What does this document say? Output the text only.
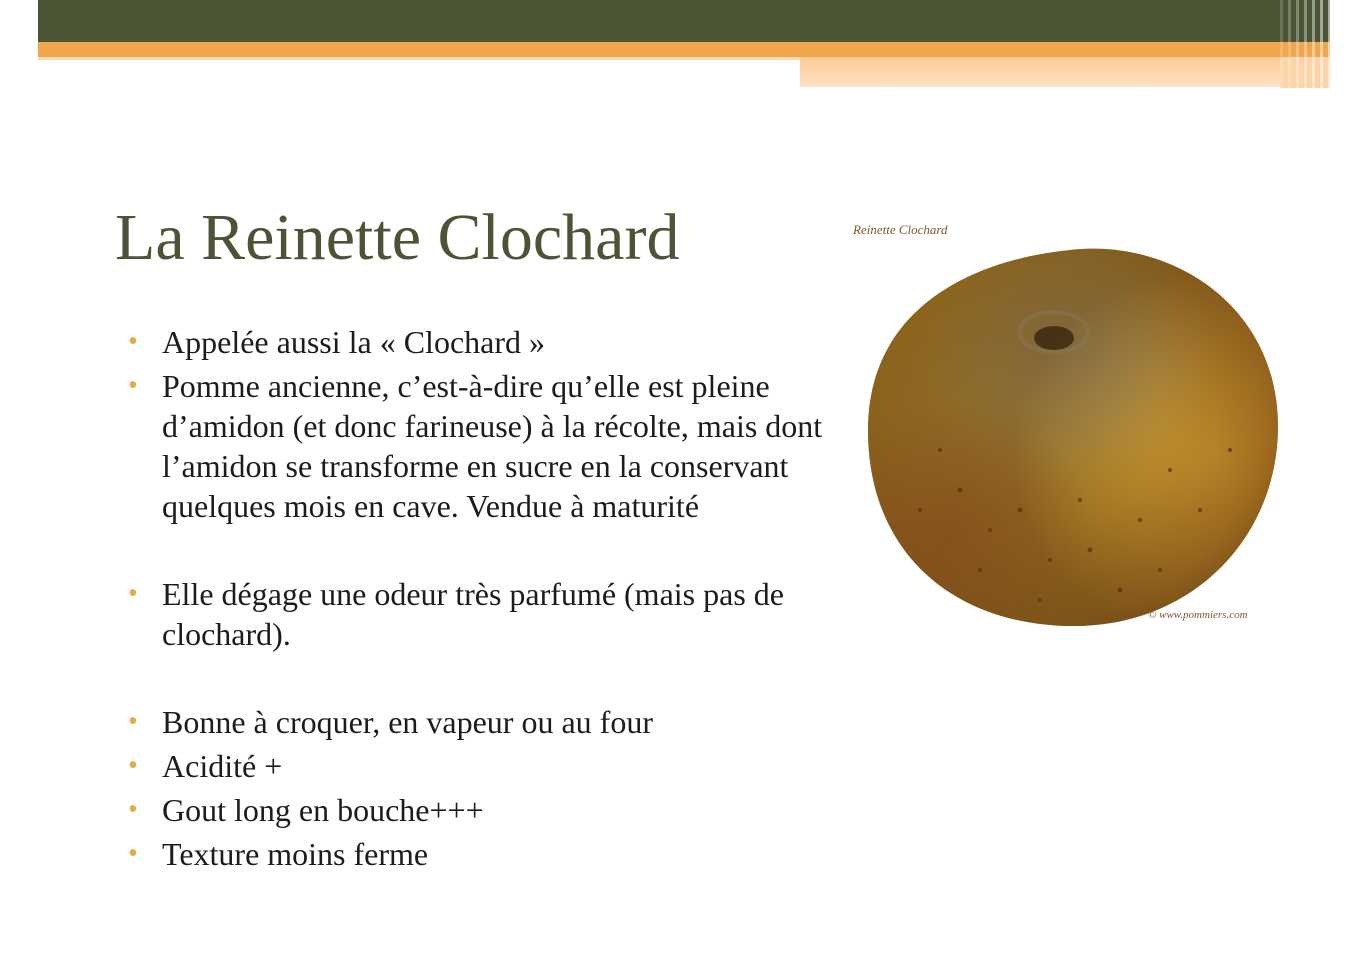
La Reinette Clochard
• Appelée aussi la « Clochard »
• Pomme ancienne, c’est-à-dire qu’elle est pleine d’amidon (et donc farineuse) à la récolte, mais dont l’amidon se transforme en sucre en la conservant quelques mois en cave. Vendue à maturité
• Elle dégage une odeur très parfumé (mais pas de clochard).
• Bonne à croquer, en vapeur ou au four
• Acidité +
• Gout long en bouche+++
• Texture moins ferme
Reinette Clochard
© www.pommiers.com
